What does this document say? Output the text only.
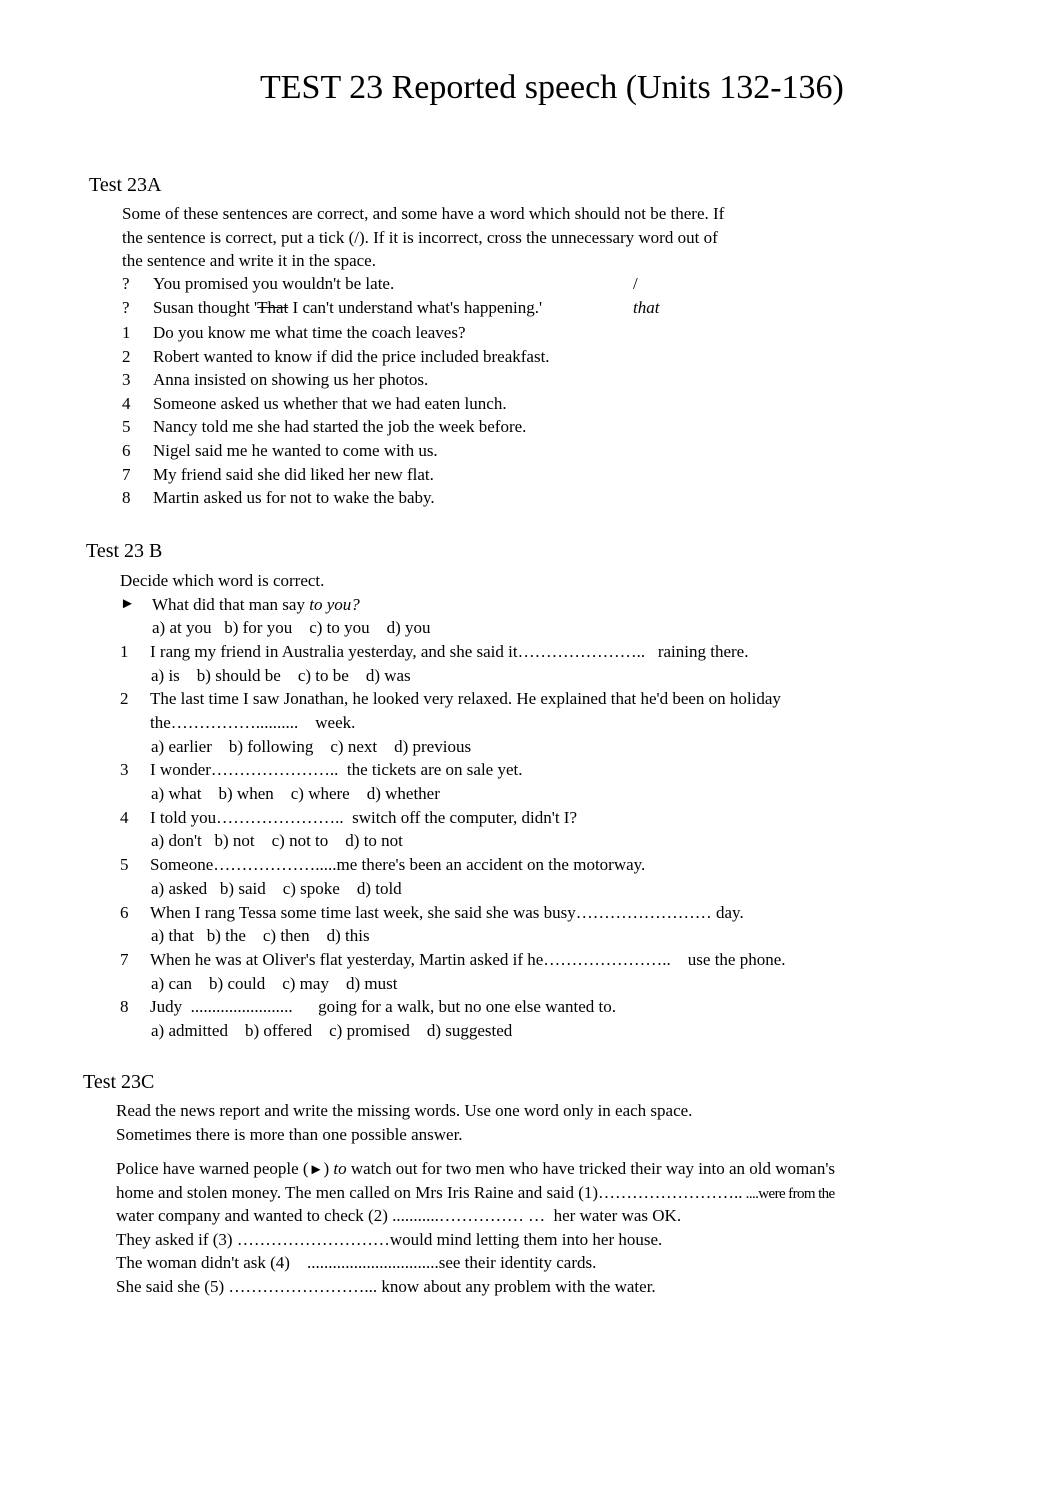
TEST 23 Reported speech (Units 132-136)
Test 23A
Some of these sentences are correct, and some have a word which should not be there. If
the sentence is correct, put a tick (/). If it is incorrect, cross the unnecessary word out of
the sentence and write it in the space.
?	You promised you wouldn't be late.	/
?	Susan thought 'That I can't understand what's happening.'	that
1	Do you know me what time the coach leaves?
2	Robert wanted to know if did the price included breakfast.
3	Anna insisted on showing us her photos.
4	Someone asked us whether that we had eaten lunch.
5	Nancy told me she had started the job the week before.
6	Nigel said me he wanted to come with us.
7	My friend said she did liked her new flat.
8	Martin asked us for not to wake the baby.
Test 23 B
Decide which word is correct.
►	What did that man say to you?
a) at you   b) for you    c) to you    d) you
1	I rang my friend in Australia yesterday, and she said it…………………..   raining there.
a) is    b) should be    c) to be    d) was
2	The last time I saw Jonathan, he looked very relaxed. He explained that he'd been on holiday
the……………..........    week.
a) earlier    b) following    c) next    d) previous
3	I wonder…………………..  the tickets are on sale yet.
a) what    b) when    c) where    d) whether
4	I told you…………………..  switch off the computer, didn't I?
a) don't   b) not    c) not to    d) to not
5	Someone……………….....me there's been an accident on the motorway.
a) asked   b) said    c) spoke    d) told
6	When I rang Tessa some time last week, she said she was busy…………………… day.
a) that   b) the    c) then    d) this
7	When he was at Oliver's flat yesterday, Martin asked if he…………………..    use the phone.
a) can    b) could    c) may    d) must
8	Judy  ........................      going for a walk, but no one else wanted to.
a) admitted    b) offered    c) promised    d) suggested
Test 23C
Read the news report and write the missing words. Use one word only in each space.
Sometimes there is more than one possible answer.
Police have warned people (►) to watch out for two men who have tricked their way into an old woman's
home and stolen money. The men called on Mrs Iris Raine and said (1)…………………….. ....were from the
water company and wanted to check (2) ...........…………… …  her water was OK.
They asked if (3) ………………………would mind letting them into her house.
The woman didn't ask (4)    ...............................see their identity cards.
She said she (5) ……………………... know about any problem with the water.
